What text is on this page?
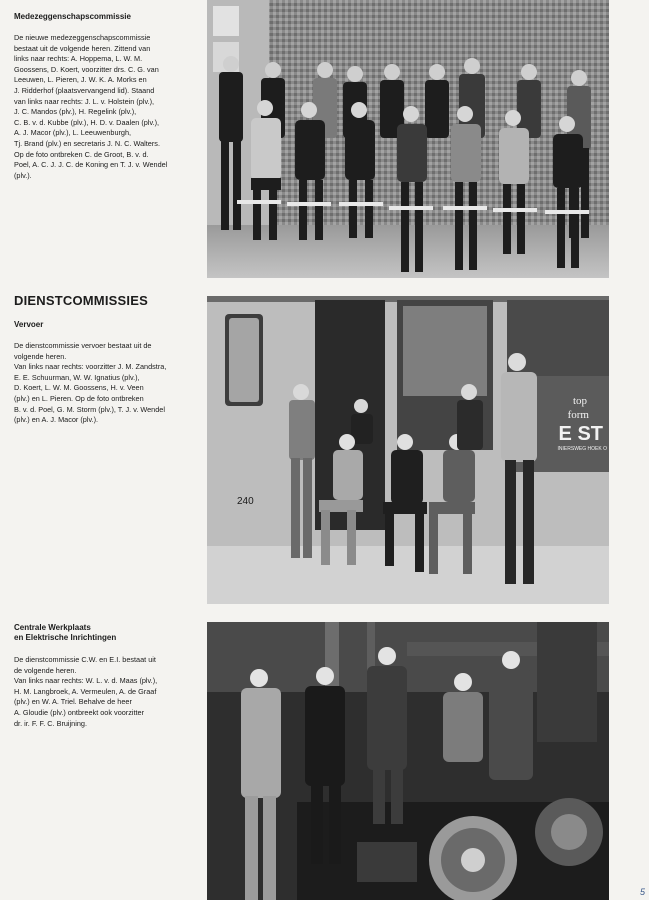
Medezeggenschapscommissie
De nieuwe medezeggenschapscommissie
bestaat uit de volgende heren. Zittend van
links naar rechts: A. Hoppema, L. W. M.
Goossens, D. Koert, voorzitter drs. C. G. van
Leeuwen, L. Pieren, J. W. K. A. Morks en
J. Ridderhof (plaatsvervangend lid). Staand
van links naar rechts: J. L. v. Holstein (plv.),
J. C. Mandos (plv.), H. Regelink (plv.),
C. B. v. d. Kubbe (plv.), H. D. v. Daalen (plv.),
A. J. Macor (plv.), L. Leeuwenburgh,
Tj. Brand (plv.) en secretaris J. N. C. Walters.
Op de foto ontbreken C. de Groot, B. v. d.
Poel, A. C. J. J. C. de Koning en T. J. v. Wendel
(plv.).
DIENSTCOMMISSIES
Vervoer
De dienstcommissie vervoer bestaat uit de
volgende heren.
Van links naar rechts: voorzitter J. M. Zandstra,
E. E. Schuurman, W. W. Ignatius (plv.),
D. Koert, L. W. M. Goossens, H. v. Veen
(plv.) en L. Pieren. Op de foto ontbreken
B. v. d. Poel, G. M. Storm (plv.), T. J. v. Wendel
(plv.) en A. J. Macor (plv.).
Centrale Werkplaats
en Elektrische Inrichtingen
De dienstcommissie C.W. en E.I. bestaat uit
de volgende heren.
Van links naar rechts: W. L. v. d. Maas (plv.),
H. M. Langbroek, A. Vermeulen, A. de Graaf
(plv.) en W. A. Triel. Behalve de heer
A. Gloudie (plv.) ontbreekt ook voorzitter
dr. ir. F. F. C. Bruijning.
240
top
form
E ST
INIERSWEG HOEK O
5
